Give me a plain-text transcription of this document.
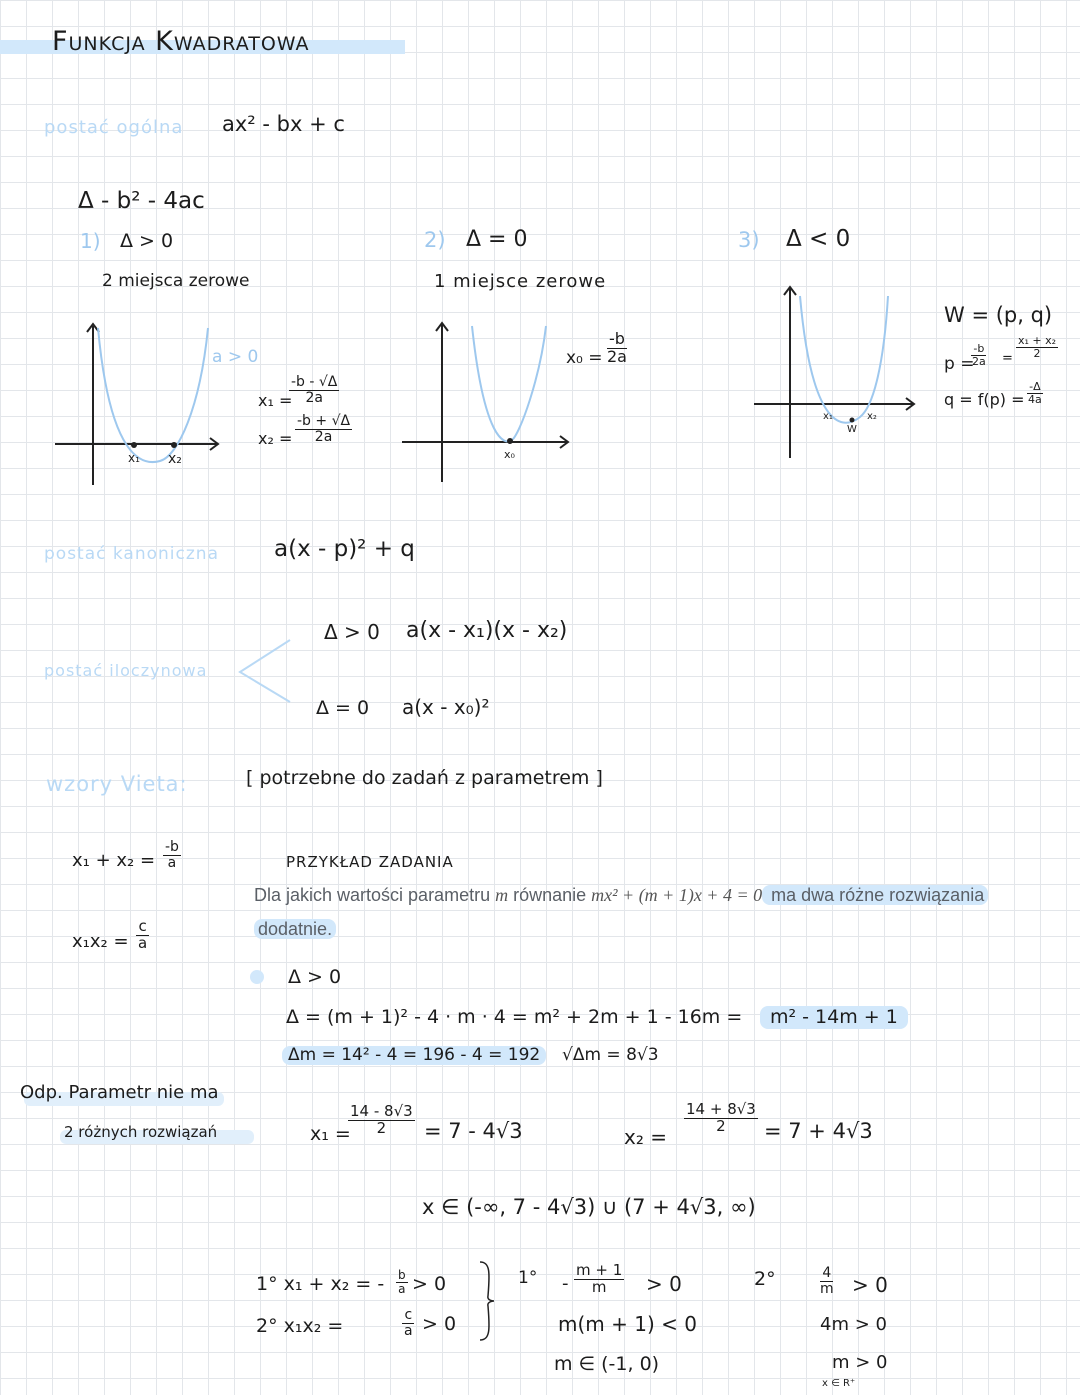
Funkcja Kwadratowa
postać ogólna ax² - bx + c
Δ - b² - 4ac
1) Δ > 0
2 miejsca zerowe
a > 0
x₁ x₂
x₁ =
$\frac{-b - √\Delta}{2a}$
$x_2 = \frac{-b + √\Delta}{2a}$
2) Δ = 0
1 miejsce zerowe
x₀
$x_0 = \frac{-b}{2a}$
3) Δ < 0
x₁
W
x₂
W = (p, q)
p =
$\frac{-b}{2a} = \frac{\text{x₁ + x₂}}{2}$
$q = f(p) = \frac{-\Delta}{4a}$
postać kanoniczna a(x - p)² + q
postać iloczynowa
Δ > 0 a(x - x₁)(x - x₂)
Δ = 0 a(x - x₀)²
wzory Vieta:	[ potrzebne do zadań z parametrem ]
$x_1 + x_2 = \frac{-b}{a}$
$x_1x_2 = \frac{c}{a}$
PRZYKŁAD ZADANIA
Dla jakich wartości parametru m równanie mx² + (m + 1)x + 4 = 0 ma dwa różne rozwiązania
dodatnie.
Δ > 0
Δ = (m + 1)² - 4 · m · 4 = m² + 2m + 1 - 16m =	m² - 14m + 1
Δm = 14² - 4 = 196 - 4 = 192	√Δm = 8√3
x₁ =
$\frac{14 - 8√3}{2} = 7 - 4√3$	x₂ =
$\frac{14 + 8√3}{2} = 7 + 4√3$
x ∈ (-∞, 7 - 4√3) ∪ (7 + 4√3, ∞)
1° x₁ + x₂ = - $\frac{b}{a} > 0$
2° x₁x₂ =	$\frac{c}{a} > 0$
$1^\circ - \frac{m + 1}{m} > 0$
m(m + 1) < 0
m ∈ (-1, 0)
2°	$\frac{4}{m} > 0$
4m > 0
m > 0
x ∈ R⁺
Odp. Parametr nie ma
2 różnych rozwiązań
